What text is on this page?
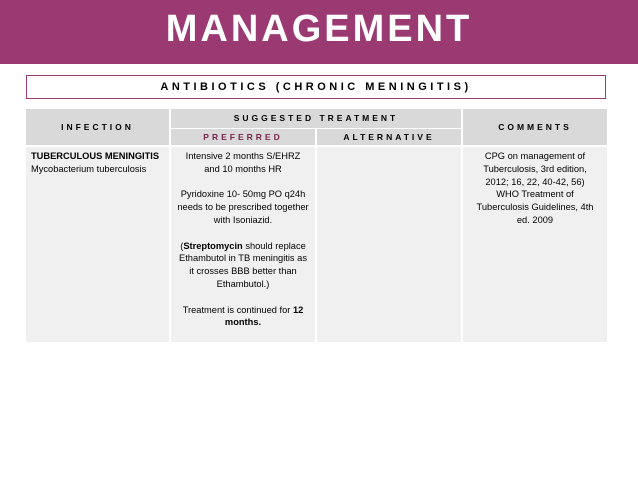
MANAGEMENT
ANTIBIOTICS (CHRONIC MENINGITIS)
INFECTION
SUGGESTED TREATMENT
PREFERRED	ALTERNATIVE
COMMENTS

TUBERCULOUS MENINGITIS

Mycobacterium tuberculosis

Intensive 2 months S/EHRZ and 10 months HR

Pyridoxine 10- 50mg PO q24h needs to be prescribed together with Isoniazid.

(Streptomycin should replace Ethambutol in TB meningitis as it crosses BBB better than Ethambutol.)

Treatment is continued for 12 months.

CPG on management of Tuberculosis, 3rd edition, 2012; 16, 22, 40-42, 56)

WHO Treatment of Tuberculosis Guidelines, 4th ed. 2009
